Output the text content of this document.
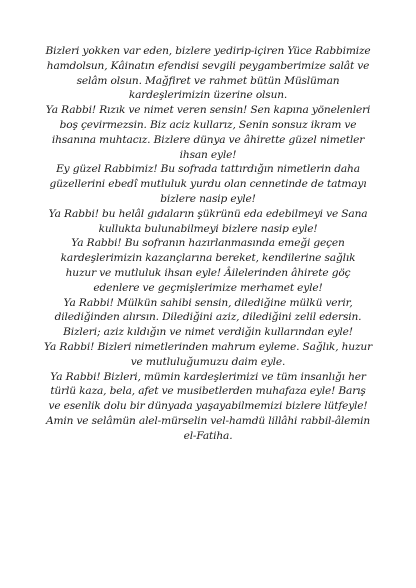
Bizleri yokken var eden, bizlere yedirip-içiren Yüce Rabbimize hamdolsun, Kâinatın efendisi sevgili peygamberimize salât ve selâm olsun. Mağfiret ve rahmet bütün Müslüman kardeşlerimizin üzerine olsun.

Ya Rabbi! Rızık ve nimet veren sensin! Sen kapına yönelenleri boş çevirmezsin. Biz aciz kullarız, Senin sonsuz ikram ve ihsanına muhtacız. Bizlere dünya ve âhirette güzel nimetler ihsan eyle!

Ey güzel Rabbimiz! Bu sofrada tattırdığın nimetlerin daha güzellerini ebedî mutluluk yurdu olan cennetinde de tatmayı bizlere nasip eyle!

Ya Rabbi! bu helâl gıdaların şükrünü eda edebilmeyi ve Sana kullukta bulunabilmeyi bizlere nasip eyle!

Ya Rabbi! Bu sofranın hazırlanmasında emeği geçen kardeşlerimizin kazançlarına bereket, kendilerine sağlık huzur ve mutluluk ihsan eyle! Âilelerinden âhirete göç edenlere ve geçmişlerimize merhamet eyle!

Ya Rabbi! Mülkün sahibi sensin, dilediğine mülkü verir, dilediğinden alırsın. Dilediğini aziz, dilediğini zelil edersin. Bizleri; aziz kıldığın ve nimet verdiğin kullarından eyle!

Ya Rabbi! Bizleri nimetlerinden mahrum eyleme. Sağlık, huzur ve mutluluğumuzu daim eyle.

Ya Rabbi! Bizleri, mümin kardeşlerimizi ve tüm insanlığı her türlü kaza, bela, afet ve musibetlerden muhafaza eyle! Barış ve esenlik dolu bir dünyada yaşayabilmemizi bizlere lütfeyle!

Amin ve selâmün alel-mürselin vel-hamdü lillâhi rabbil-âlemin el-Fatiha.
